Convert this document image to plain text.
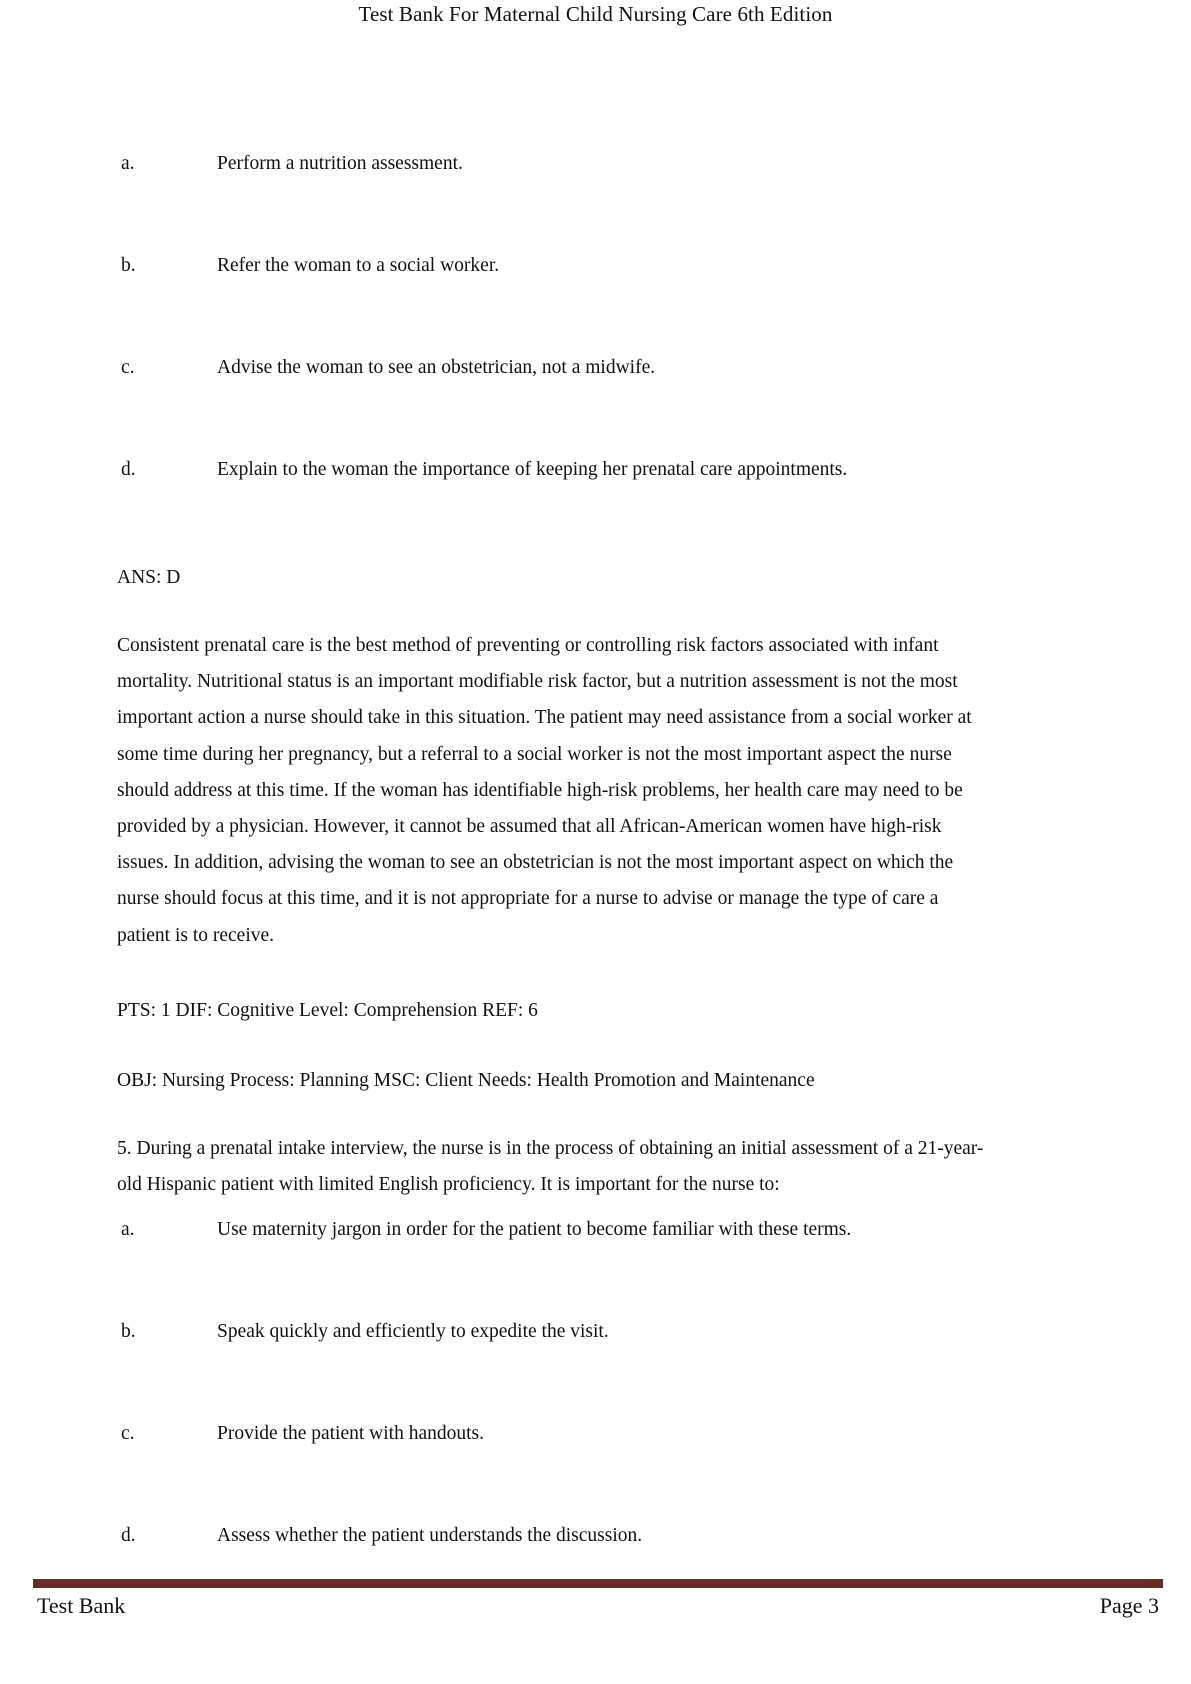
Test Bank For Maternal Child Nursing Care 6th Edition
a.	Perform a nutrition assessment.
b.	Refer the woman to a social worker.
c.	Advise the woman to see an obstetrician, not a midwife.
d.	Explain to the woman the importance of keeping her prenatal care appointments.
ANS: D
Consistent prenatal care is the best method of preventing or controlling risk factors associated with infant
mortality. Nutritional status is an important modifiable risk factor, but a nutrition assessment is not the most
important action a nurse should take in this situation. The patient may need assistance from a social worker at
some time during her pregnancy, but a referral to a social worker is not the most important aspect the nurse
should address at this time. If the woman has identifiable high-risk problems, her health care may need to be
provided by a physician. However, it cannot be assumed that all African-American women have high-risk
issues. In addition, advising the woman to see an obstetrician is not the most important aspect on which the
nurse should focus at this time, and it is not appropriate for a nurse to advise or manage the type of care a
patient is to receive.
PTS: 1 DIF: Cognitive Level: Comprehension REF: 6
OBJ: Nursing Process: Planning MSC: Client Needs: Health Promotion and Maintenance
5. During a prenatal intake interview, the nurse is in the process of obtaining an initial assessment of a 21-year-
old Hispanic patient with limited English proficiency. It is important for the nurse to:
a.	Use maternity jargon in order for the patient to become familiar with these terms.
b.	Speak quickly and efficiently to expedite the visit.
c.	Provide the patient with handouts.
d.	Assess whether the patient understands the discussion.
Test Bank	Page 3
